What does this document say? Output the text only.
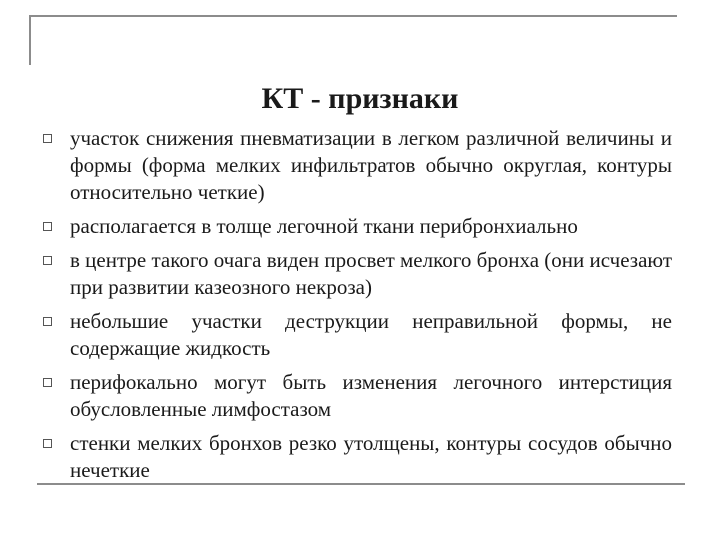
КТ - признаки
участок снижения пневматизации в легком различной величины и формы (форма мелких инфильтратов обычно округлая, контуры относительно четкие)
располагается в толще легочной ткани перибронхиально
в центре такого очага виден просвет мелкого бронха (они исчезают при развитии казеозного некроза)
небольшие участки деструкции неправильной формы, не содержащие жидкость
перифокально могут быть изменения легочного интерстиция обусловленные лимфостазом
стенки мелких бронхов резко утолщены, контуры сосудов обычно нечеткие
